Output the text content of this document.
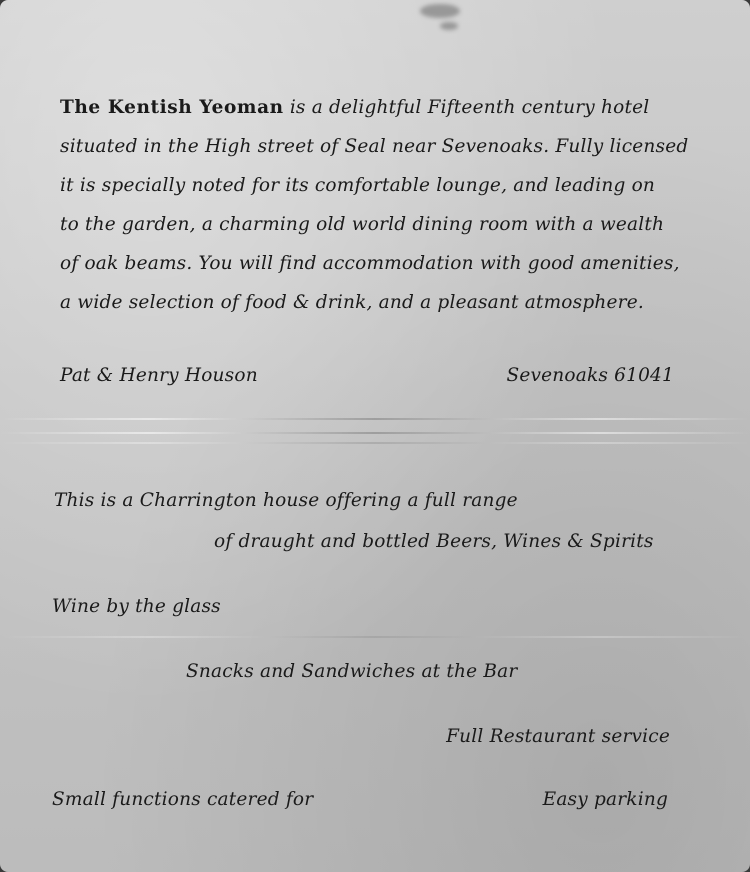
The Kentish Yeoman is a delightful Fifteenth century hotel
situated in the High street of Seal near Sevenoaks. Fully licensed
it is specially noted for its comfortable lounge, and leading on
to the garden, a charming old world dining room with a wealth
of oak beams. You will find accommodation with good amenities,
a wide selection of food & drink, and a pleasant atmosphere.
Pat & Henry Houson	Sevenoaks 61041
This is a Charrington house offering a full range
of draught and bottled Beers, Wines & Spirits
Wine by the glass
Snacks and Sandwiches at the Bar
Full Restaurant service
Small functions catered for	Easy parking
